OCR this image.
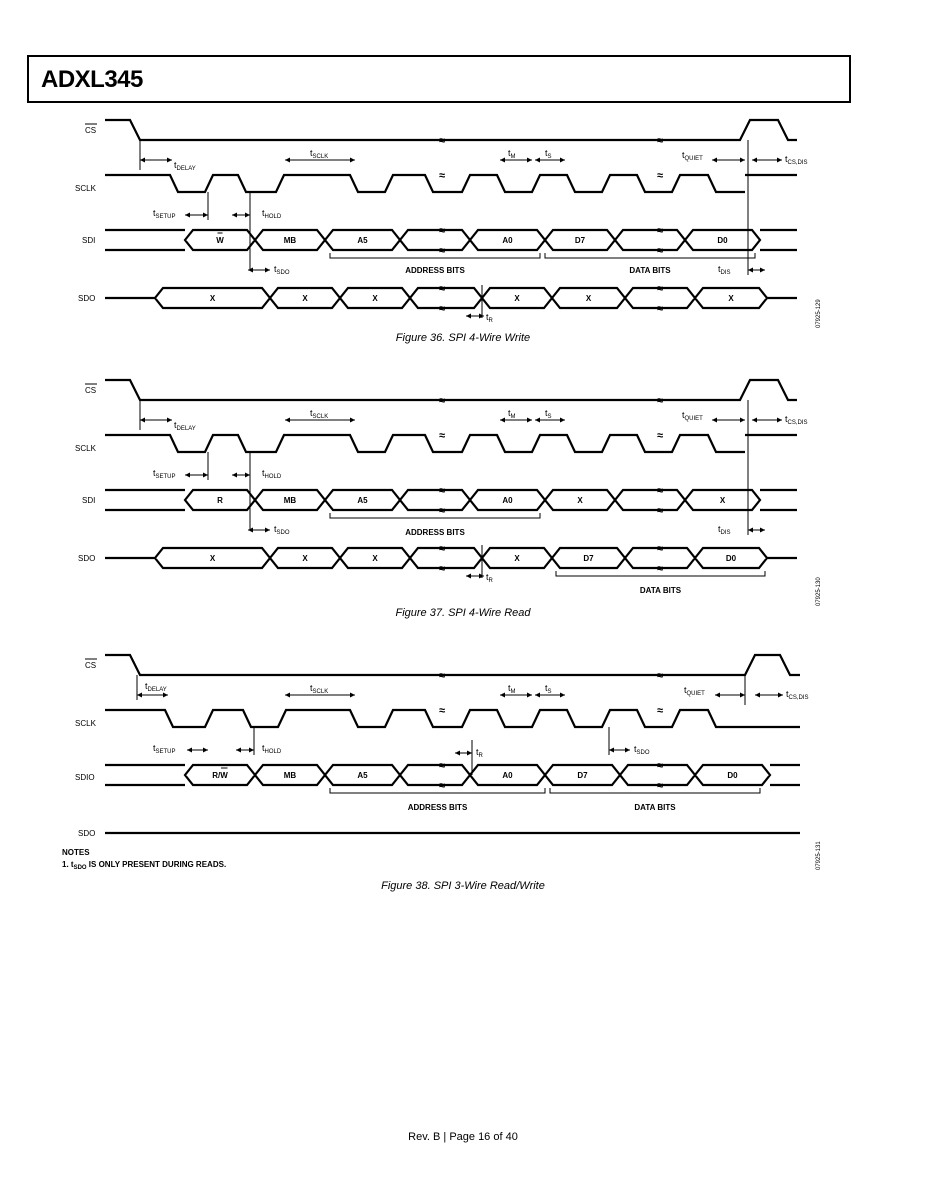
ADXL345
CS
SCLK
SDI
SDO
≈	≈
≈	≈
≈
≈
≈
≈
W	MB	A5	A0	D7	D0
≈
≈
≈
≈
X	X	X	X	X	X
ADDRESS BITS	DATA BITS
$t_{DELAY}$
$t_{SCLK}$	$t_M$	$t_S$	$t_{QUIET}$	$t_{CS,DIS}$
$t_{SETUP}$	$t_{HOLD}$
$t_{SDO}$	$t_{DIS}$
$t_R$
Figure 36. SPI 4-Wire Write
07925-129
CS
SCLK
SDI
SDO
≈	≈
≈	≈
≈
≈
≈
≈
R	MB	A5	A0	X	X
≈
≈
≈
≈
X	X	X	X	D7	D0
ADDRESS BITS
DATA BITS
$t_{DELAY}$
$t_{SCLK}$	$t_M$	$t_S$	$t_{QUIET}$	$t_{CS,DIS}$
$t_{SETUP}$	$t_{HOLD}$
$t_{SDO}$	$t_{DIS}$
$t_R$
Figure 37. SPI 4-Wire Read
07925-130
CS
SCLK
SDIO
SDO
≈	≈
≈	≈
≈
≈
≈
≈
R/W	MB	A5	A0	D7	D0
ADDRESS BITS	DATA BITS
$t_{DELAY}$	$t_{SCLK}$	$t_M$	$t_S$	$t_{QUIET}$	$t_{CS,DIS}$
$t_{SETUP}$	$t_{HOLD}$	$t_R$
$t_{SDO}$
NOTES
1. $t_{SDO}$ IS ONLY PRESENT DURING READS.
Figure 38. SPI 3-Wire Read/Write
07925-131
Rev. B | Page 16 of 40
